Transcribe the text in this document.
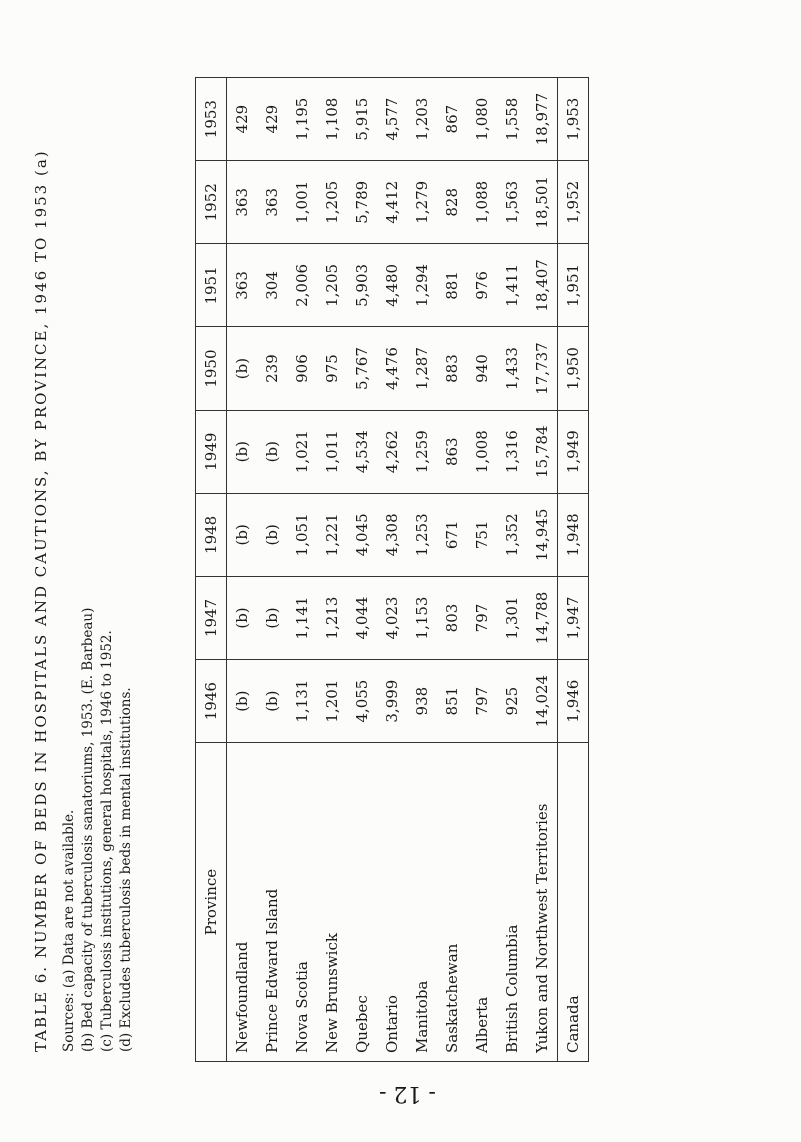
- 12 -
TABLE 6. NUMBER OF BEDS IN HOSPITALS AND CAUTIONS, BY PROVINCE, 1946 TO 1953 (a) Sources: (a) Data are not available. (b) Bed capacity of tuberculosis sanatoriums, 1953. (E. Barbeau) (c) Tuberculosis institutions, general hospitals, 1946 to 1952. (d) Excludes tuberculosis beds in mental institutions.	Province	1946	1947	1948	1949	1950	1951	1952	1953
Newfoundland	(b)	(b)	(b)	(b)	(b)	363	363	429
Prince Edward Island	(b)	(b)	(b)	(b)	239	304	363	429
Nova Scotia	1,131	1,141	1,051	1,021	906	2,006	1,001	1,195
New Brunswick	1,201	1,213	1,221	1,011	975	1,205	1,205	1,108
Quebec	4,055	4,044	4,045	4,534	5,767	5,903	5,789	5,915
Ontario	3,999	4,023	4,308	4,262	4,476	4,480	4,412	4,577
Manitoba	938	1,153	1,253	1,259	1,287	1,294	1,279	1,203
Saskatchewan	851	803	671	863	883	881	828	867
Alberta	797	797	751	1,008	940	976	1,088	1,080
British Columbia	925	1,301	1,352	1,316	1,433	1,411	1,563	1,558
Yukon and Northwest Territories	14,024	14,788	14,945	15,784	17,737	18,407	18,501	18,977
Canada	1,946	1,947	1,948	1,949	1,950	1,951	1,952	1,953
